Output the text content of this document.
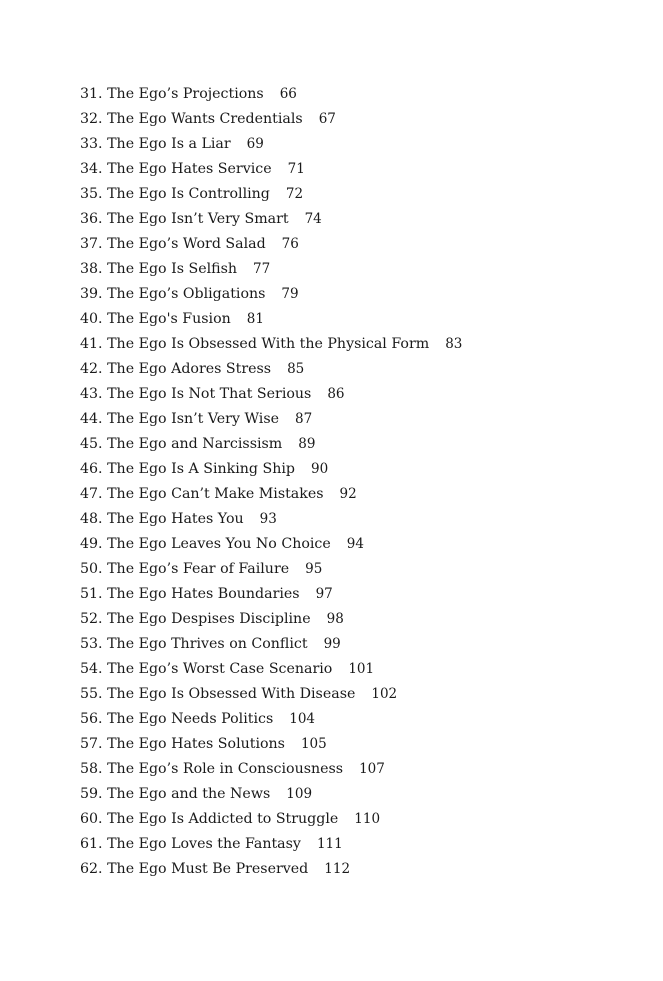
31. The Ego’s Projections 66
32. The Ego Wants Credentials 67
33. The Ego Is a Liar 69
34. The Ego Hates Service 71
35. The Ego Is Controlling 72
36. The Ego Isn’t Very Smart 74
37. The Ego’s Word Salad 76
38. The Ego Is Selfish 77
39. The Ego’s Obligations 79
40. The Ego's Fusion 81
41. The Ego Is Obsessed With the Physical Form 83
42. The Ego Adores Stress 85
43. The Ego Is Not That Serious 86
44. The Ego Isn’t Very Wise 87
45. The Ego and Narcissism 89
46. The Ego Is A Sinking Ship 90
47. The Ego Can’t Make Mistakes 92
48. The Ego Hates You 93
49. The Ego Leaves You No Choice 94
50. The Ego’s Fear of Failure 95
51. The Ego Hates Boundaries 97
52. The Ego Despises Discipline 98
53. The Ego Thrives on Conflict 99
54. The Ego’s Worst Case Scenario 101
55. The Ego Is Obsessed With Disease 102
56. The Ego Needs Politics 104
57. The Ego Hates Solutions 105
58. The Ego’s Role in Consciousness 107
59. The Ego and the News 109
60. The Ego Is Addicted to Struggle 110
61. The Ego Loves the Fantasy 111
62. The Ego Must Be Preserved 112
